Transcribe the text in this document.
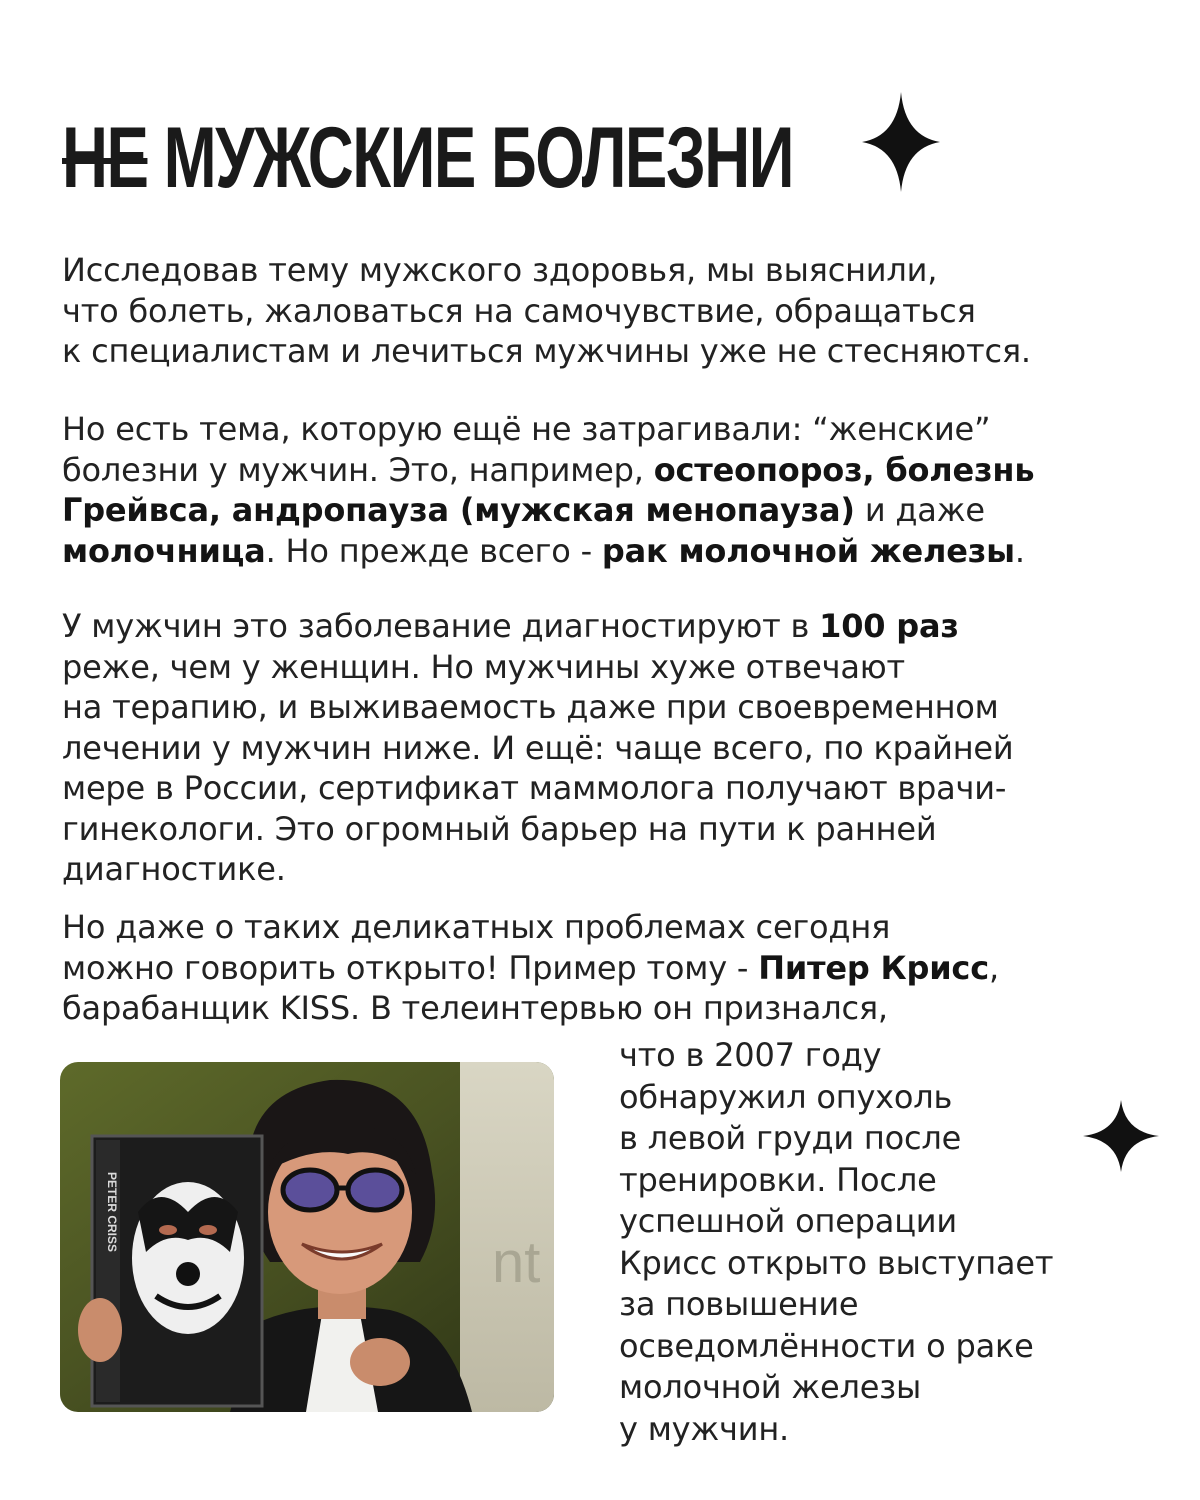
НЕ МУЖСКИЕ БОЛЕЗНИ
Исследовав тему мужского здоровья, мы выяснили,
что болеть, жаловаться на самочувствие, обращаться
к специалистам и лечиться мужчины уже не стесняются.
Но есть тема, которую ещё не затрагивали: “женские”
болезни у мужчин. Это, например, остеопороз, болезнь
Грейвса, андропауза (мужская менопауза) и даже
молочница. Но прежде всего - рак молочной железы.
У мужчин это заболевание диагностируют в 100 раз
реже, чем у женщин. Но мужчины хуже отвечают
на терапию, и выживаемость даже при своевременном
лечении у мужчин ниже. И ещё: чаще всего, по крайней
мере в России, сертификат маммолога получают врачи-
гинекологи. Это огромный барьер на пути к ранней
диагностике.
Но даже о таких деликатных проблемах сегодня
можно говорить открыто! Пример тому - Питер Крисс,
барабанщик KISS. В телеинтервью он признался,
nt
PETER CRISS
что в 2007 году
обнаружил опухоль
в левой груди после
тренировки. После
успешной операции
Крисс открыто выступает
за повышение
осведомлённости о раке
молочной железы
у мужчин.
